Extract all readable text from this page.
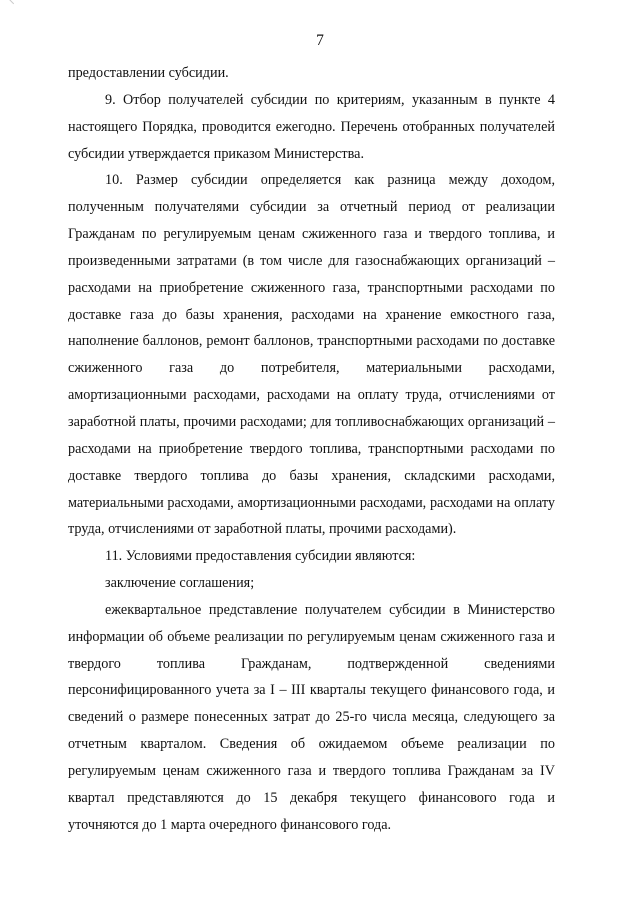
7

предоставлении субсидии.

9. Отбор получателей субсидии по критериям, указанным в пункте 4 настоящего Порядка, проводится ежегодно. Перечень отобранных получателей субсидии утверждается приказом Министерства.

10. Размер субсидии определяется как разница между доходом, полученным получателями субсидии за отчетный период от реализации Гражданам по регулируемым ценам сжиженного газа и твердого топлива, и произведенными затратами (в том числе для газоснабжающих организаций – расходами на приобретение сжиженного газа, транспортными расходами по доставке газа до базы хранения, расходами на хранение емкостного газа, наполнение баллонов, ремонт баллонов, транспортными расходами по доставке сжиженного газа до потребителя, материальными расходами, амортизационными расходами, расходами на оплату труда, отчислениями от заработной платы, прочими расходами; для топливоснабжающих организаций – расходами на приобретение твердого топлива, транспортными расходами по доставке твердого топлива до базы хранения, складскими расходами, материальными расходами, амортизационными расходами, расходами на оплату труда, отчислениями от заработной платы, прочими расходами).

11. Условиями предоставления субсидии являются:

заключение соглашения;

ежеквартальное представление получателем субсидии в Министерство информации об объеме реализации по регулируемым ценам сжиженного газа и твердого топлива Гражданам, подтвержденной сведениями персонифицированного учета за I – III кварталы текущего финансового года, и сведений о размере понесенных затрат до 25-го числа месяца, следующего за отчетным кварталом. Сведения об ожидаемом объеме реализации по регулируемым ценам сжиженного газа и твердого топлива Гражданам за IV квартал представляются до 15 декабря текущего финансового года и уточняются до 1 марта очередного финансового года.
